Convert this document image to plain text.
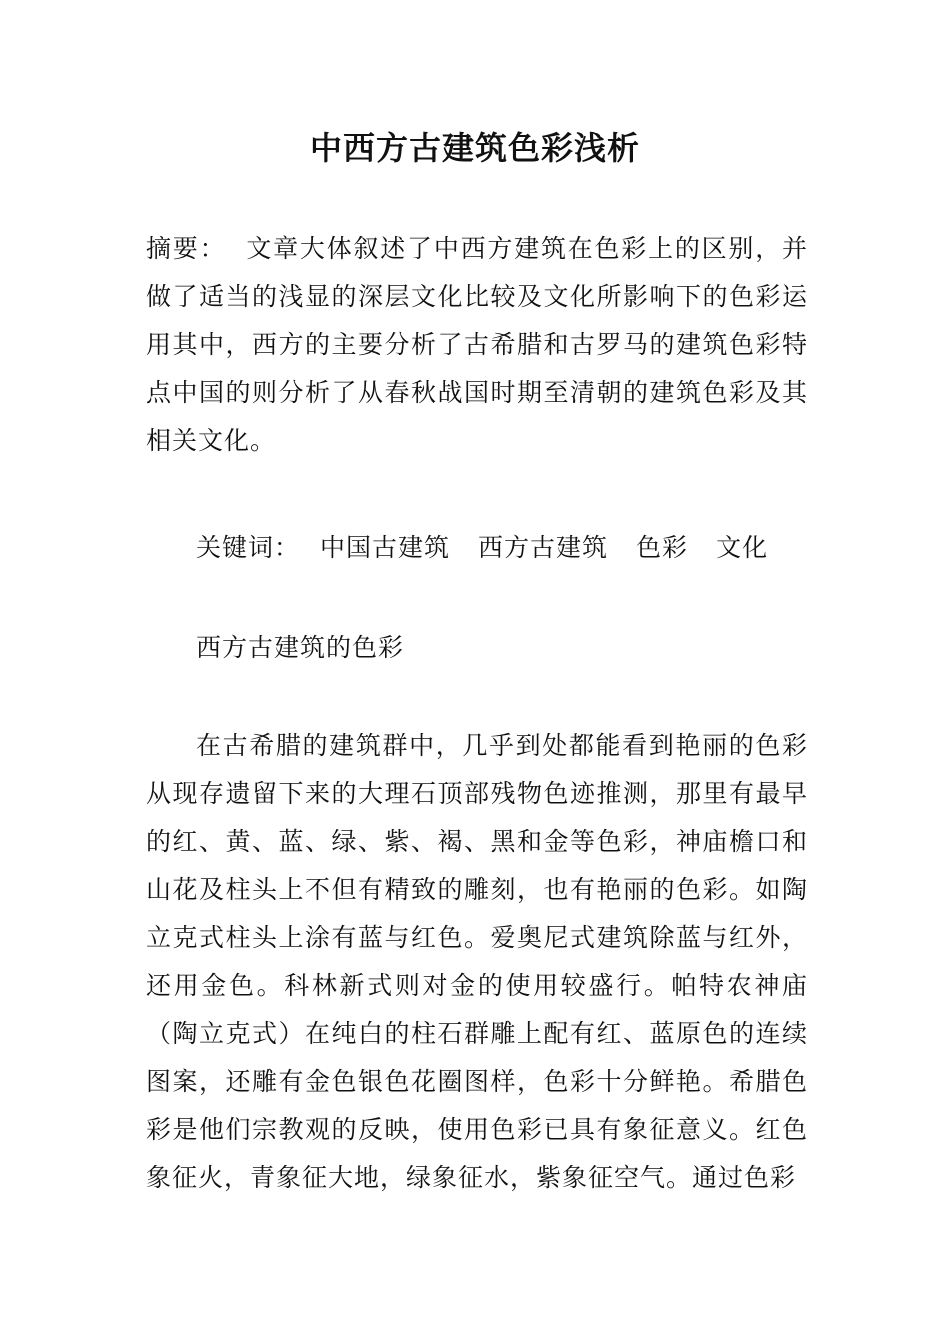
中西方古建筑色彩浅析
摘要： 文章大体叙述了中西方建筑在色彩上的区别，并做了适当的浅显的深层文化比较及文化所影响下的色彩运用其中，西方的主要分析了古希腊和古罗马的建筑色彩特点中国的则分析了从春秋战国时期至清朝的建筑色彩及其相关文化。
关键词： 中国古建筑 西方古建筑 色彩 文化
西方古建筑的色彩
在古希腊的建筑群中，几乎到处都能看到艳丽的色彩从现存遗留下来的大理石顶部残物色迹推测，那里有最早的红、黄、蓝、绿、紫、褐、黑和金等色彩，神庙檐口和山花及柱头上不但有精致的雕刻，也有艳丽的色彩。如陶立克式柱头上涂有蓝与红色。爱奥尼式建筑除蓝与红外，还用金色。科林新式则对金的使用较盛行。帕特农神庙（陶立克式）在纯白的柱石群雕上配有红、蓝原色的连续图案，还雕有金色银色花圈图样，色彩十分鲜艳。希腊色彩是他们宗教观的反映，使用色彩已具有象征意义。红色象征火，青象征大地，绿象征水，紫象征空气。通过色彩
